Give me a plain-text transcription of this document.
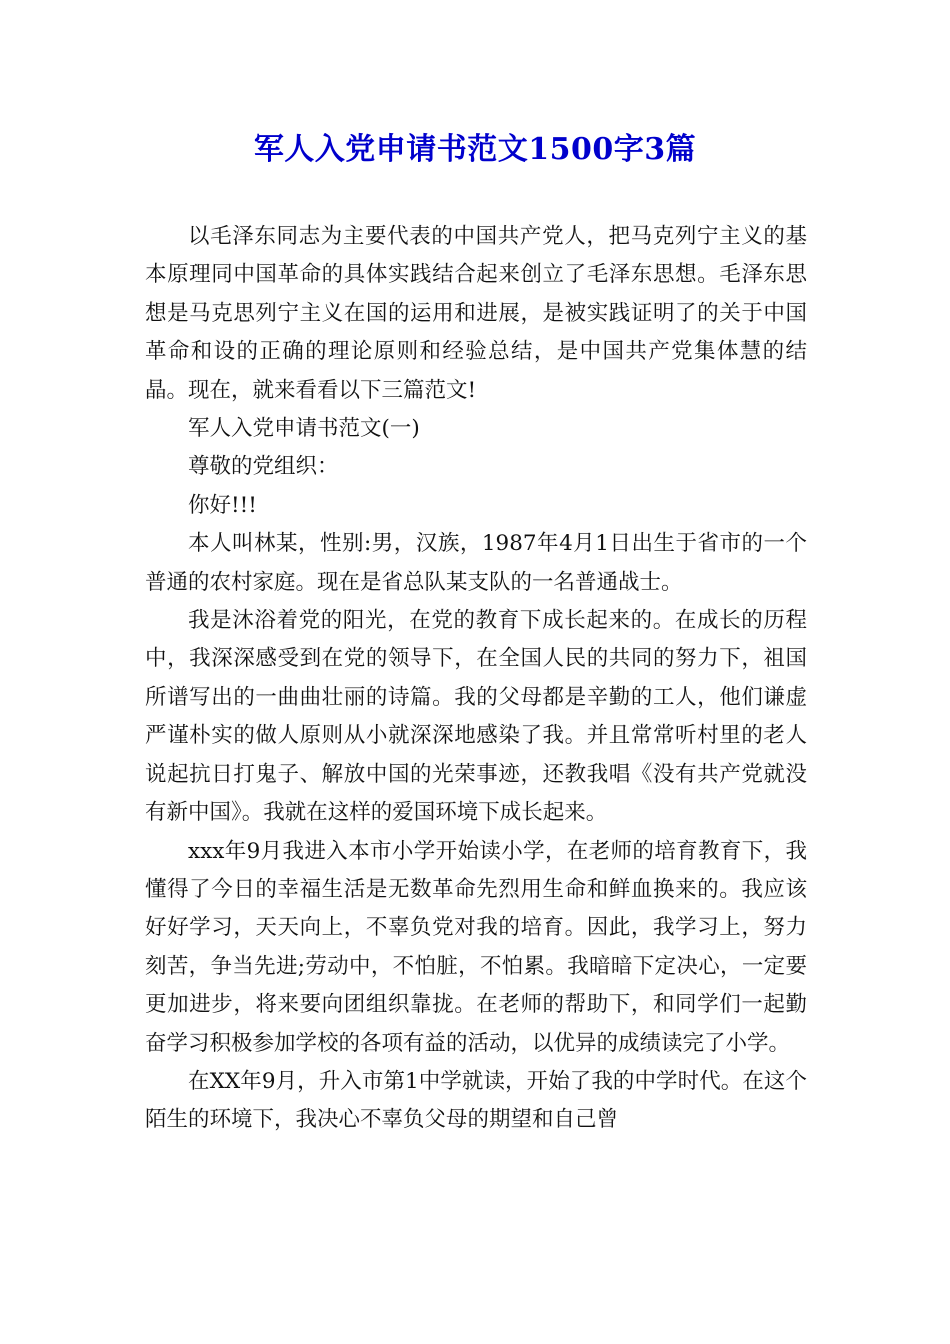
军人入党申请书范文1500字3篇

以毛泽东同志为主要代表的中国共产党人，把马克列宁主义的基本原理同中国革命的具体实践结合起来创立了毛泽东思想。毛泽东思想是马克思列宁主义在国的运用和进展，是被实践证明了的关于中国革命和设的正确的理论原则和经验总结，是中国共产党集体慧的结晶。现在，就来看看以下三篇范文!

军人入党申请书范文(一)

尊敬的党组织：

你好!!!

本人叫林某，性别:男，汉族，1987年4月1日出生于省市的一个普通的农村家庭。现在是省总队某支队的一名普通战士。

我是沐浴着党的阳光，在党的教育下成长起来的。在成长的历程中，我深深感受到在党的领导下，在全国人民的共同的努力下，祖国所谱写出的一曲曲壮丽的诗篇。我的父母都是辛勤的工人，他们谦虚严谨朴实的做人原则从小就深深地感染了我。并且常常听村里的老人说起抗日打鬼子、解放中国的光荣事迹，还教我唱《没有共产党就没有新中国》。我就在这样的爱国环境下成长起来。

xxx年9月我进入本市小学开始读小学，在老师的培育教育下，我懂得了今日的幸福生活是无数革命先烈用生命和鲜血换来的。我应该好好学习，天天向上，不辜负党对我的培育。因此，我学习上，努力刻苦，争当先进;劳动中，不怕脏，不怕累。我暗暗下定决心，一定要更加进步，将来要向团组织靠拢。在老师的帮助下，和同学们一起勤奋学习积极参加学校的各项有益的活动，以优异的成绩读完了小学。

在XX年9月，升入市第1中学就读，开始了我的中学时代。在这个陌生的环境下，我决心不辜负父母的期望和自己曾
